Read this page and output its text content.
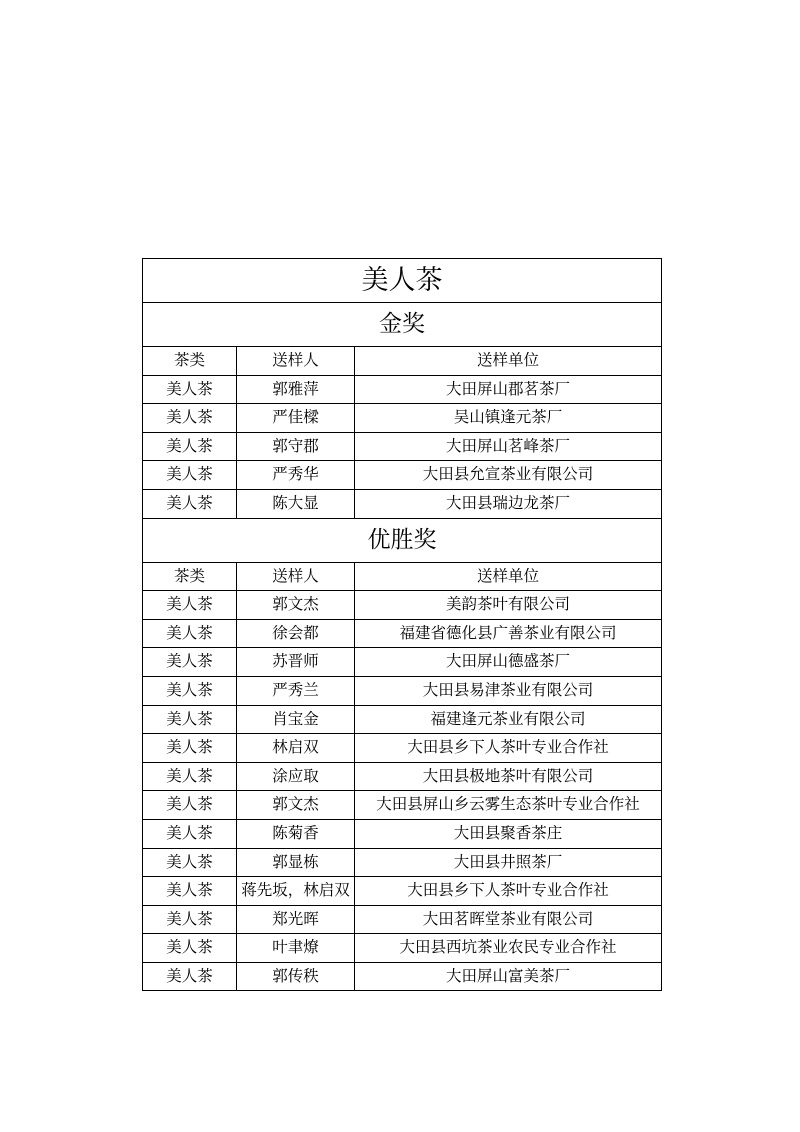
美人茶		
金奖		
茶类	送样人	送样单位
美人茶	郭雅萍	大田屏山郡茗茶厂
美人茶	严佳樑	吴山镇逢元茶厂
美人茶	郭守郡	大田屏山茗峰茶厂
美人茶	严秀华	大田县允宣茶业有限公司
美人茶	陈大显	大田县瑞边龙茶厂
优胜奖		
茶类	送样人	送样单位
美人茶	郭文杰	美韵茶叶有限公司
美人茶	徐会都	福建省德化县广善茶业有限公司
美人茶	苏晋师	大田屏山德盛茶厂
美人茶	严秀兰	大田县易津茶业有限公司
美人茶	肖宝金	福建逢元茶业有限公司
美人茶	林启双	大田县乡下人茶叶专业合作社
美人茶	涂应取	大田县极地茶叶有限公司
美人茶	郭文杰	大田县屏山乡云雾生态茶叶专业合作社
美人茶	陈菊香	大田县聚香茶庄
美人茶	郭显栋	大田县井照茶厂
美人茶	蒋先坂，林启双	大田县乡下人茶叶专业合作社
美人茶	郑光晖	大田茗晖堂茶业有限公司
美人茶	叶聿燎	大田县西坑茶业农民专业合作社
美人茶	郭传秩	大田屏山富美茶厂
